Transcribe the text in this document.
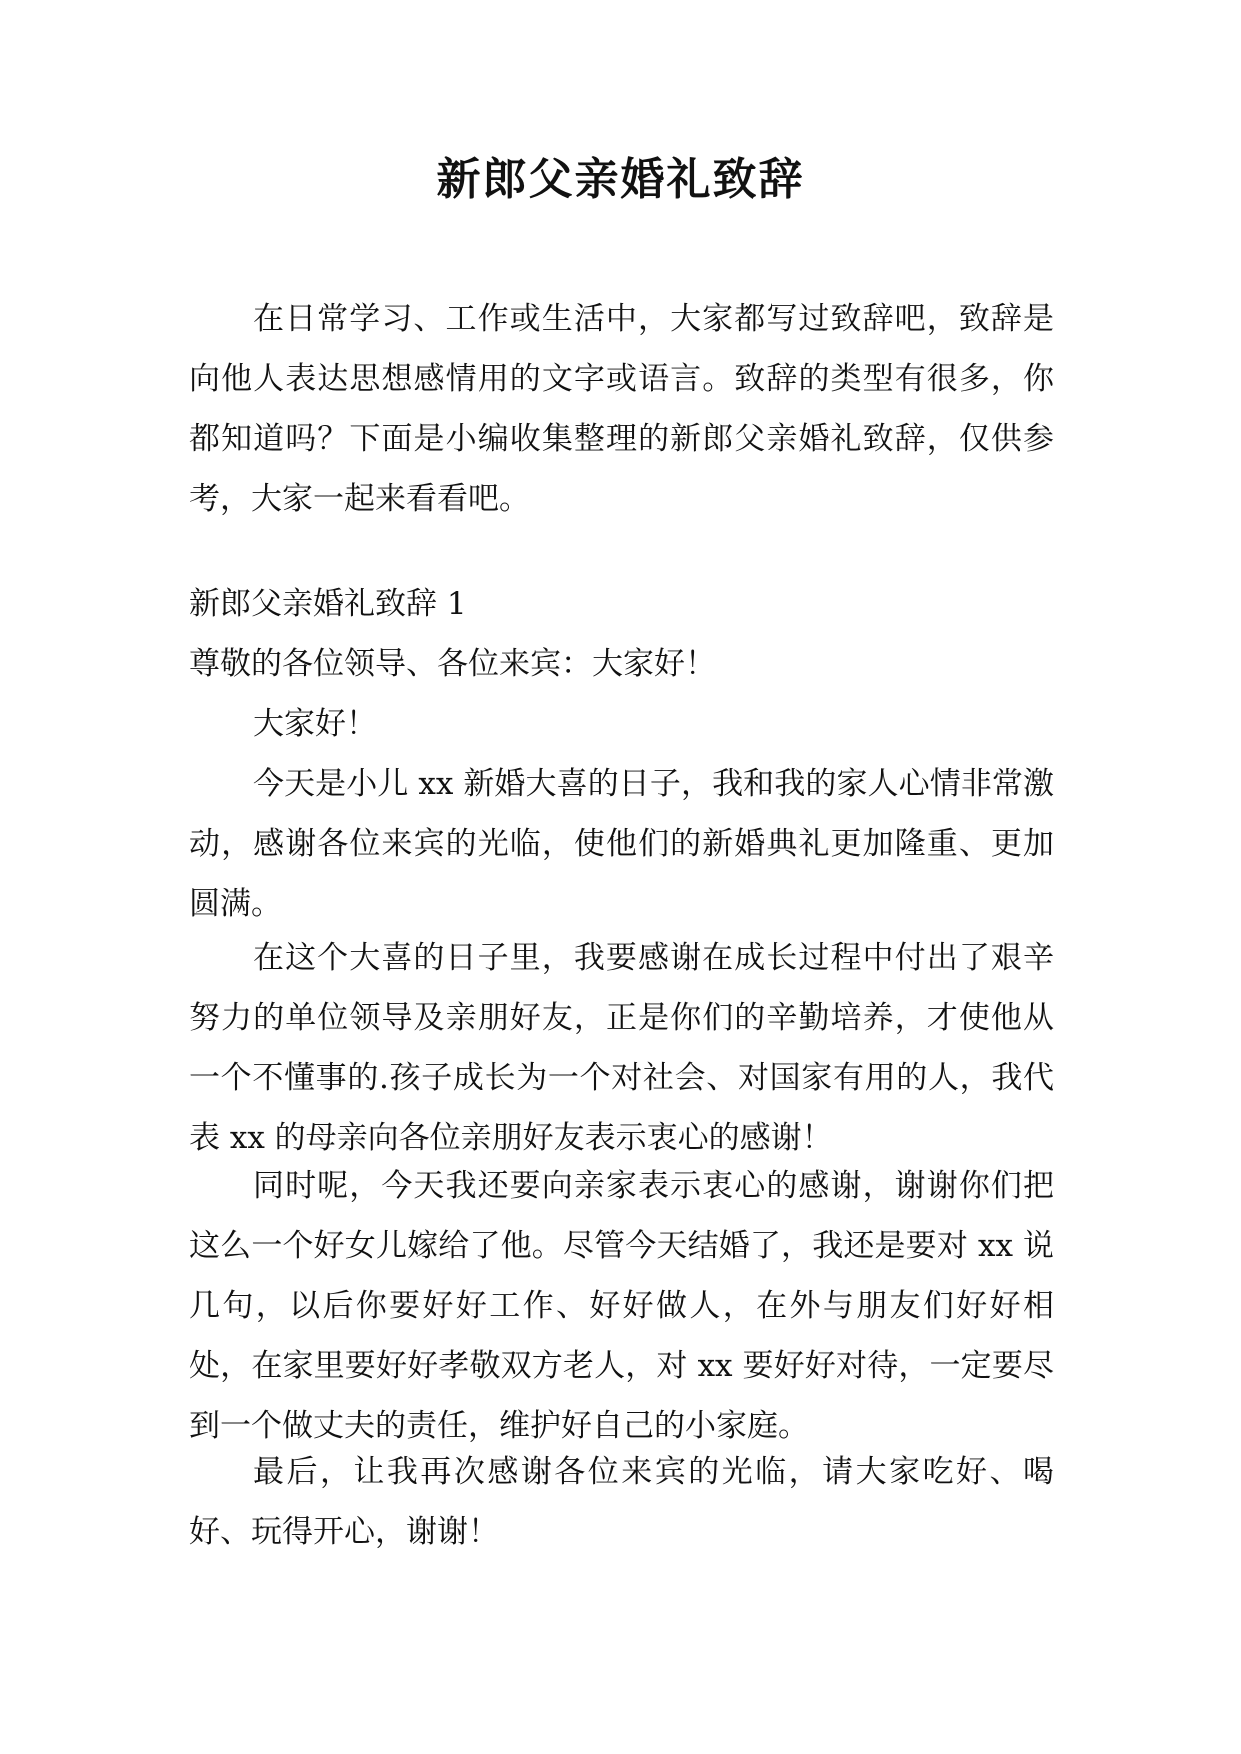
新郎父亲婚礼致辞

在日常学习、工作或生活中，大家都写过致辞吧，致辞是向他人表达思想感情用的文字或语言。致辞的类型有很多，你都知道吗？下面是小编收集整理的新郎父亲婚礼致辞，仅供参考，大家一起来看看吧。

新郎父亲婚礼致辞 1

尊敬的各位领导、各位来宾：大家好！

大家好！

今天是小儿 xx 新婚大喜的日子，我和我的家人心情非常激动，感谢各位来宾的光临，使他们的新婚典礼更加隆重、更加圆满。

在这个大喜的日子里，我要感谢在成长过程中付出了艰辛努力的单位领导及亲朋好友，正是你们的辛勤培养，才使他从一个不懂事的.孩子成长为一个对社会、对国家有用的人，我代表 xx 的母亲向各位亲朋好友表示衷心的感谢！

同时呢，今天我还要向亲家表示衷心的感谢，谢谢你们把这么一个好女儿嫁给了他。尽管今天结婚了，我还是要对 xx 说几句，以后你要好好工作、好好做人，在外与朋友们好好相处，在家里要好好孝敬双方老人，对 xx 要好好对待，一定要尽到一个做丈夫的责任，维护好自己的小家庭。

最后，让我再次感谢各位来宾的光临，请大家吃好、喝好、玩得开心，谢谢！
